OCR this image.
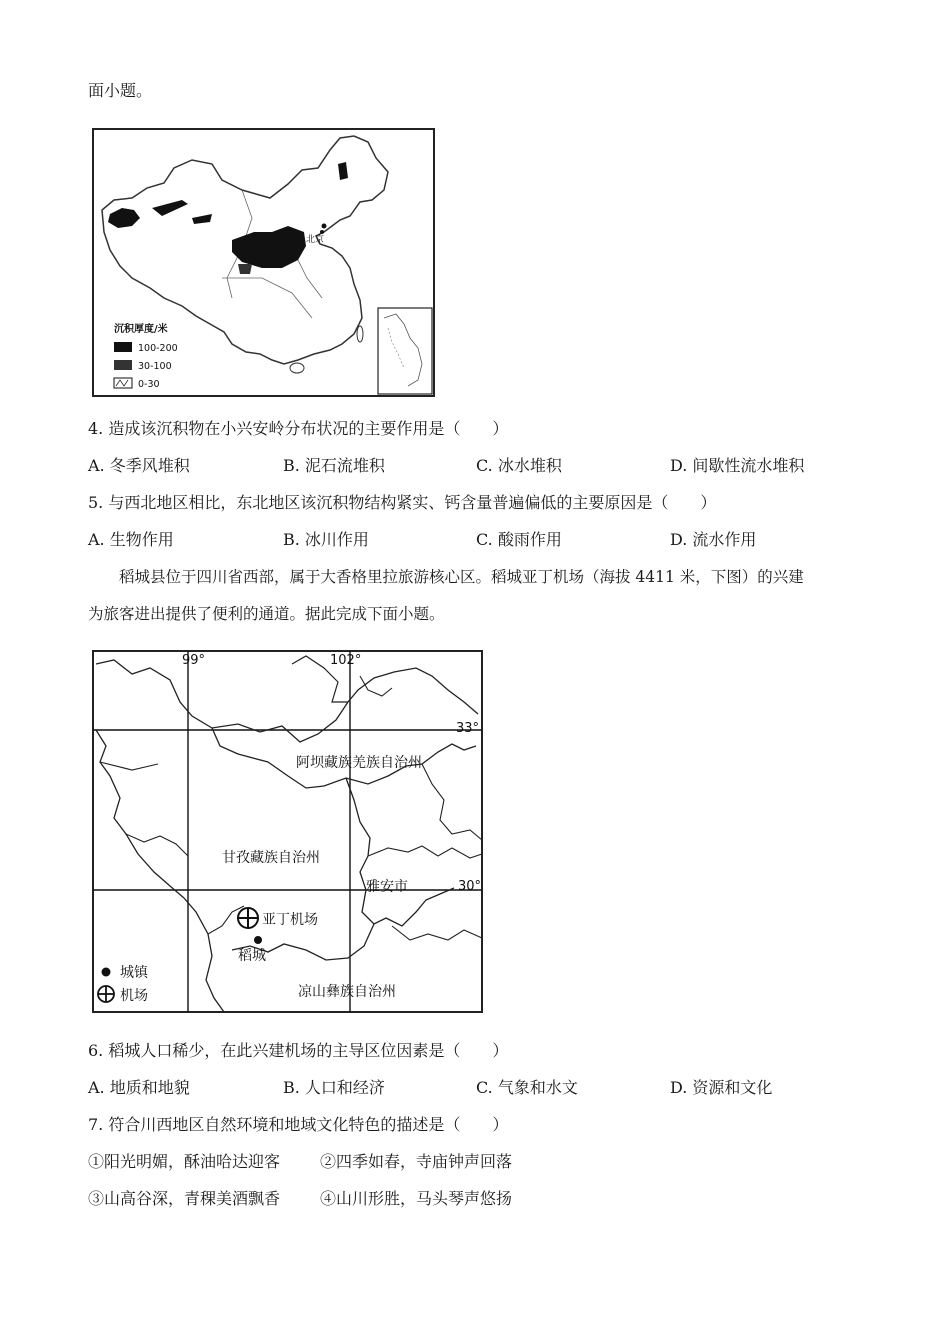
面小题。
北京
沉积厚度/米
100-200
30-100
0-30
4. 造成该沉积物在小兴安岭分布状况的主要作用是（　　）
A. 冬季风堆积	B. 泥石流堆积	C. 冰水堆积	D. 间歇性流水堆积
5. 与西北地区相比，东北地区该沉积物结构紧实、钙含量普遍偏低的主要原因是（　　）
A. 生物作用	B. 冰川作用	C. 酸雨作用	D. 流水作用
稻城县位于四川省西部，属于大香格里拉旅游核心区。稻城亚丁机场（海拔 4411 米，下图）的兴建
为旅客进出提供了便利的通道。据此完成下面小题。
99°	102°
33°
30°
阿坝藏族羌族自治州
甘孜藏族自治州
凉山彝族自治州
雅安市
亚丁机场
稻城
城镇
机场
6. 稻城人口稀少，在此兴建机场的主导区位因素是（　　）
A. 地质和地貌	B. 人口和经济	C. 气象和水文	D. 资源和文化
7. 符合川西地区自然环境和地域文化特色的描述是（　　）
①阳光明媚，酥油哈达迎客 ②四季如春，寺庙钟声回落
③山高谷深，青稞美酒飘香 ④山川形胜，马头琴声悠扬
